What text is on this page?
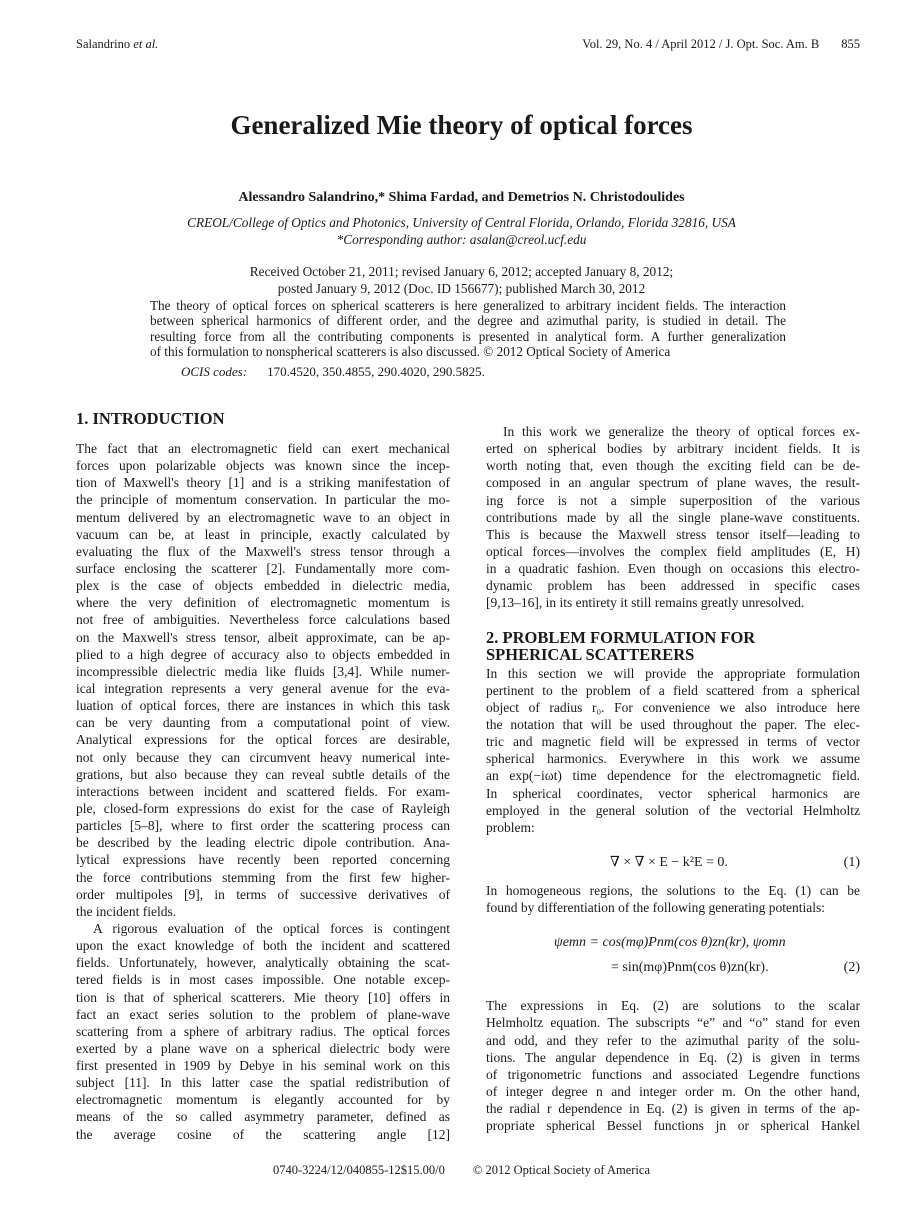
Salandrino et al.	Vol. 29, No. 4 / April 2012 / J. Opt. Soc. Am. B 855
Generalized Mie theory of optical forces
Alessandro Salandrino,* Shima Fardad, and Demetrios N. Christodoulides
CREOL/College of Optics and Photonics, University of Central Florida, Orlando, Florida 32816, USA
*Corresponding author: asalan@creol.ucf.edu
Received October 21, 2011; revised January 6, 2012; accepted January 8, 2012;
posted January 9, 2012 (Doc. ID 156677); published March 30, 2012
The theory of optical forces on spherical scatterers is here generalized to arbitrary incident fields. The interaction
between spherical harmonics of different order, and the degree and azimuthal parity, is studied in detail. The
resulting force from all the contributing components is presented in analytical form. A further generalization
of this formulation to nonspherical scatterers is also discussed. © 2012 Optical Society of America
OCIS codes: 170.4520, 350.4855, 290.4020, 290.5825.
1. INTRODUCTION
The fact that an electromagnetic field can exert mechanical
forces upon polarizable objects was known since the incep-
tion of Maxwell's theory [1] and is a striking manifestation of
the principle of momentum conservation. In particular the mo-
mentum delivered by an electromagnetic wave to an object in
vacuum can be, at least in principle, exactly calculated by
evaluating the flux of the Maxwell's stress tensor through a
surface enclosing the scatterer [2]. Fundamentally more com-
plex is the case of objects embedded in dielectric media,
where the very definition of electromagnetic momentum is
not free of ambiguities. Nevertheless force calculations based
on the Maxwell's stress tensor, albeit approximate, can be ap-
plied to a high degree of accuracy also to objects embedded in
incompressible dielectric media like fluids [3,4]. While numer-
ical integration represents a very general avenue for the eva-
luation of optical forces, there are instances in which this task
can be very daunting from a computational point of view.
Analytical expressions for the optical forces are desirable,
not only because they can circumvent heavy numerical inte-
grations, but also because they can reveal subtle details of the
interactions between incident and scattered fields. For exam-
ple, closed-form expressions do exist for the case of Rayleigh
particles [5–8], where to first order the scattering process can
be described by the leading electric dipole contribution. Ana-
lytical expressions have recently been reported concerning
the force contributions stemming from the first few higher-
order multipoles [9], in terms of successive derivatives of
the incident fields.
A rigorous evaluation of the optical forces is contingent
upon the exact knowledge of both the incident and scattered
fields. Unfortunately, however, analytically obtaining the scat-
tered fields is in most cases impossible. One notable excep-
tion is that of spherical scatterers. Mie theory [10] offers in
fact an exact series solution to the problem of plane-wave
scattering from a sphere of arbitrary radius. The optical forces
exerted by a plane wave on a spherical dielectric body were
first presented in 1909 by Debye in his seminal work on this
subject [11]. In this latter case the spatial redistribution of
electromagnetic momentum is elegantly accounted for by
means of the so called asymmetry parameter, defined as
the average cosine of the scattering angle [12]
In this work we generalize the theory of optical forces ex-
erted on spherical bodies by arbitrary incident fields. It is
worth noting that, even though the exciting field can be de-
composed in an angular spectrum of plane waves, the result-
ing force is not a simple superposition of the various
contributions made by all the single plane-wave constituents.
This is because the Maxwell stress tensor itself—leading to
optical forces—involves the complex field amplitudes (E, H)
in a quadratic fashion. Even though on occasions this electro-
dynamic problem has been addressed in specific cases
[9,13–16], in its entirety it still remains greatly unresolved.
2. PROBLEM FORMULATION FOR
SPHERICAL SCATTERERS
In this section we will provide the appropriate formulation
pertinent to the problem of a field scattered from a spherical
object of radius r₀. For convenience we also introduce here
the notation that will be used throughout the paper. The elec-
tric and magnetic field will be expressed in terms of vector
spherical harmonics. Everywhere in this work we assume
an exp(−iωt) time dependence for the electromagnetic field.
In spherical coordinates, vector spherical harmonics are
employed in the general solution of the vectorial Helmholtz
problem:
∇ × ∇ × E − k²E = 0.	(1)
In homogeneous regions, the solutions to the Eq. (1) can be
found by differentiation of the following generating potentials:
ψemn = cos(mφ)Pnm(cos θ)zn(kr), ψomn
= sin(mφ)Pnm(cos θ)zn(kr).	(2)
The expressions in Eq. (2) are solutions to the scalar
Helmholtz equation. The subscripts “e” and “o” stand for even
and odd, and they refer to the azimuthal parity of the solu-
tions. The angular dependence in Eq. (2) is given in terms
of trigonometric functions and associated Legendre functions
of integer degree n and integer order m. On the other hand,
the radial r dependence in Eq. (2) is given in terms of the ap-
propriate spherical Bessel functions jn or spherical Hankel
0740-3224/12/040855-12$15.00/0 © 2012 Optical Society of America
